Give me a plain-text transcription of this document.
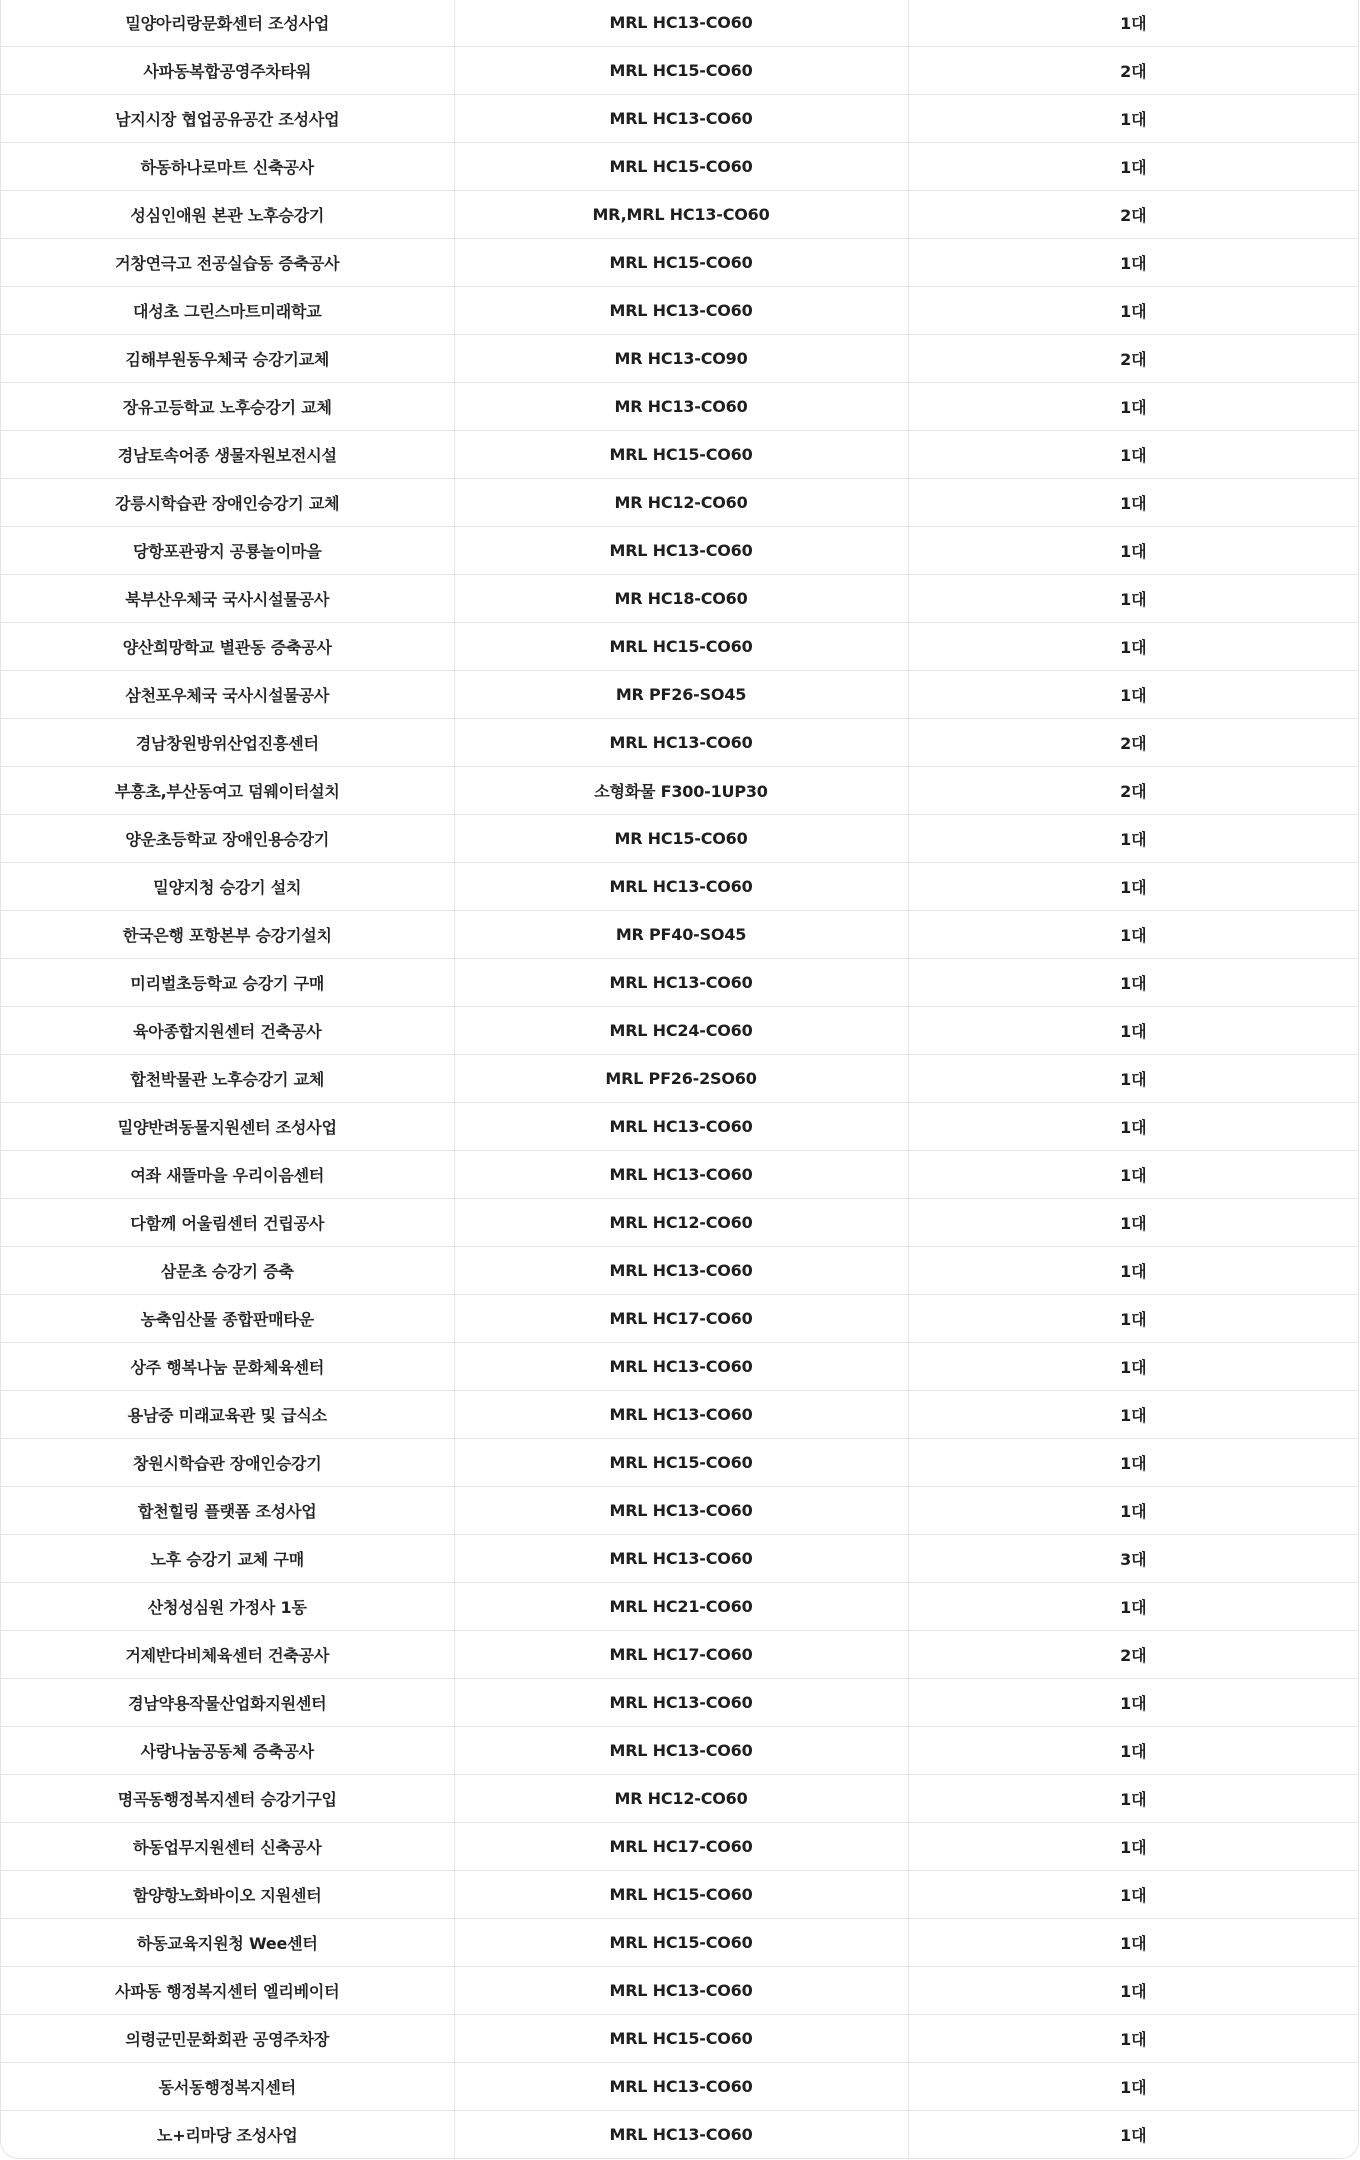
밀양아리랑문화센터 조성사업	MRL HC13-CO60	1대
사파동복합공영주차타워	MRL HC15-CO60	2대
남지시장 협업공유공간 조성사업	MRL HC13-CO60	1대
하동하나로마트 신축공사	MRL HC15-CO60	1대
성심인애원 본관 노후승강기	MR,MRL HC13-CO60	2대
거창연극고 전공실습동 증축공사	MRL HC15-CO60	1대
대성초 그린스마트미래학교	MRL HC13-CO60	1대
김해부원동우체국 승강기교체	MR HC13-CO90	2대
장유고등학교 노후승강기 교체	MR HC13-CO60	1대
경남토속어종 생물자원보전시설	MRL HC15-CO60	1대
강릉시학습관 장애인승강기 교체	MR HC12-CO60	1대
당항포관광지 공룡놀이마을	MRL HC13-CO60	1대
북부산우체국 국사시설물공사	MR HC18-CO60	1대
양산희망학교 별관동 증축공사	MRL HC15-CO60	1대
삼천포우체국 국사시설물공사	MR PF26-SO45	1대
경남창원방위산업진흥센터	MRL HC13-CO60	2대
부흥초,부산동여고 덤웨이터설치	소형화물 F300-1UP30	2대
양운초등학교 장애인용승강기	MR HC15-CO60	1대
밀양지청 승강기 설치	MRL HC13-CO60	1대
한국은행 포항본부 승강기설치	MR PF40-SO45	1대
미리벌초등학교 승강기 구매	MRL HC13-CO60	1대
육아종합지원센터 건축공사	MRL HC24-CO60	1대
합천박물관 노후승강기 교체	MRL PF26-2SO60	1대
밀양반려동물지원센터 조성사업	MRL HC13-CO60	1대
여좌 새뜰마을 우리이음센터	MRL HC13-CO60	1대
다함께 어울림센터 건립공사	MRL HC12-CO60	1대
삼문초 승강기 증축	MRL HC13-CO60	1대
농축임산물 종합판매타운	MRL HC17-CO60	1대
상주 행복나눔 문화체육센터	MRL HC13-CO60	1대
용남중 미래교육관 및 급식소	MRL HC13-CO60	1대
창원시학습관 장애인승강기	MRL HC15-CO60	1대
합천힐링 플랫폼 조성사업	MRL HC13-CO60	1대
노후 승강기 교체 구매	MRL HC13-CO60	3대
산청성심원 가정사 1동	MRL HC21-CO60	1대
거제반다비체육센터 건축공사	MRL HC17-CO60	2대
경남약용작물산업화지원센터	MRL HC13-CO60	1대
사랑나눔공동체 증축공사	MRL HC13-CO60	1대
명곡동행정복지센터 승강기구입	MR HC12-CO60	1대
하동업무지원센터 신축공사	MRL HC17-CO60	1대
함양항노화바이오 지원센터	MRL HC15-CO60	1대
하동교육지원청 Wee센터	MRL HC15-CO60	1대
사파동 행정복지센터 엘리베이터	MRL HC13-CO60	1대
의령군민문화회관 공영주차장	MRL HC15-CO60	1대
동서동행정복지센터	MRL HC13-CO60	1대
노+리마당 조성사업	MRL HC13-CO60	1대
